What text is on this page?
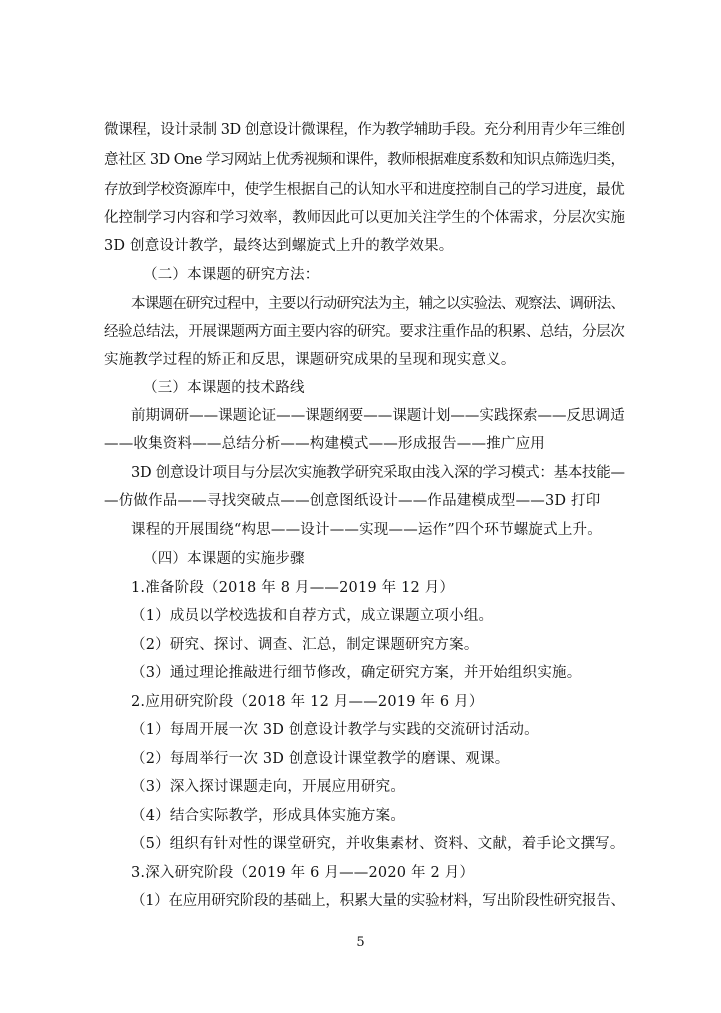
微课程，设计录制 3D 创意设计微课程，作为教学辅助手段。充分利用青少年三维创
意社区 3D One 学习网站上优秀视频和课件，教师根据难度系数和知识点筛选归类，
存放到学校资源库中，使学生根据自己的认知水平和进度控制自己的学习进度，最优
化控制学习内容和学习效率，教师因此可以更加关注学生的个体需求，分层次实施
3D 创意设计教学，最终达到螺旋式上升的教学效果。
（二）本课题的研究方法：
本课题在研究过程中，主要以行动研究法为主，辅之以实验法、观察法、调研法、
经验总结法，开展课题两方面主要内容的研究。要求注重作品的积累、总结，分层次
实施教学过程的矫正和反思，课题研究成果的呈现和现实意义。
（三）本课题的技术路线
前期调研——课题论证——课题纲要——课题计划——实践探索——反思调适
——收集资料——总结分析——构建模式——形成报告——推广应用
3D 创意设计项目与分层次实施教学研究采取由浅入深的学习模式：基本技能—
—仿做作品——寻找突破点——创意图纸设计——作品建模成型——3D 打印
课程的开展围绕“构思——设计——实现——运作”四个环节螺旋式上升。
（四）本课题的实施步骤
1.准备阶段（2018 年 8 月——2019 年 12 月）
（1）成员以学校选拔和自荐方式，成立课题立项小组。
（2）研究、探讨、调查、汇总，制定课题研究方案。
（3）通过理论推敲进行细节修改，确定研究方案，并开始组织实施。
2.应用研究阶段（2018 年 12 月——2019 年 6 月）
（1）每周开展一次 3D 创意设计教学与实践的交流研讨活动。
（2）每周举行一次 3D 创意设计课堂教学的磨课、观课。
（3）深入探讨课题走向，开展应用研究。
（4）结合实际教学，形成具体实施方案。
（5）组织有针对性的课堂研究，并收集素材、资料、文献，着手论文撰写。
3.深入研究阶段（2019 年 6 月——2020 年 2 月）
（1）在应用研究阶段的基础上，积累大量的实验材料，写出阶段性研究报告、
5
